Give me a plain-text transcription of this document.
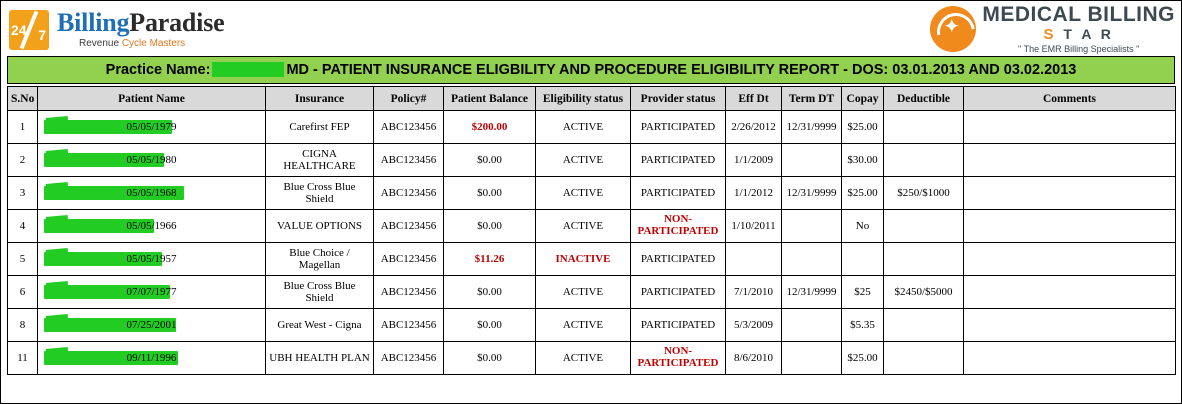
24 7 BillingParadise
Revenue Cycle Masters
✦
MEDICAL BILLING
S T A R
" The EMR Billing Specialists "
Practice Name:	MD - PATIENT INSURANCE ELIGBILITY AND PROCEDURE ELIGIBILITY REPORT - DOS: 03.01.2013 AND 03.02.2013
S.No	Patient Name	Insurance	Policy#	Patient Balance	Eligibility status	Provider status	Eff Dt	Term DT	Copay	Deductible	Comments
1	05/05/1979	Carefirst FEP	ABC123456	$200.00	ACTIVE	PARTICIPATED	2/26/2012	12/31/9999	$25.00		
2	05/05/1980	CIGNA HEALTHCARE	ABC123456	$0.00	ACTIVE	PARTICIPATED	1/1/2009		$30.00		
3	05/05/1968	Blue Cross Blue Shield	ABC123456	$0.00	ACTIVE	PARTICIPATED	1/1/2012	12/31/9999	$25.00	$250/$1000	
4	05/05/1966	VALUE OPTIONS	ABC123456	$0.00	ACTIVE	NON-
PARTICIPATED	1/10/2011		No		
5	05/05/1957	Blue Choice / Magellan	ABC123456	$11.26	INACTIVE	PARTICIPATED					
6	07/07/1977	Blue Cross Blue Shield	ABC123456	$0.00	ACTIVE	PARTICIPATED	7/1/2010	12/31/9999	$25	$2450/$5000	
8	07/25/2001	Great West - Cigna	ABC123456	$0.00	ACTIVE	PARTICIPATED	5/3/2009		$5.35		
11	09/11/1996	UBH HEALTH PLAN	ABC123456	$0.00	ACTIVE	NON-
PARTICIPATED	8/6/2010		$25.00		
